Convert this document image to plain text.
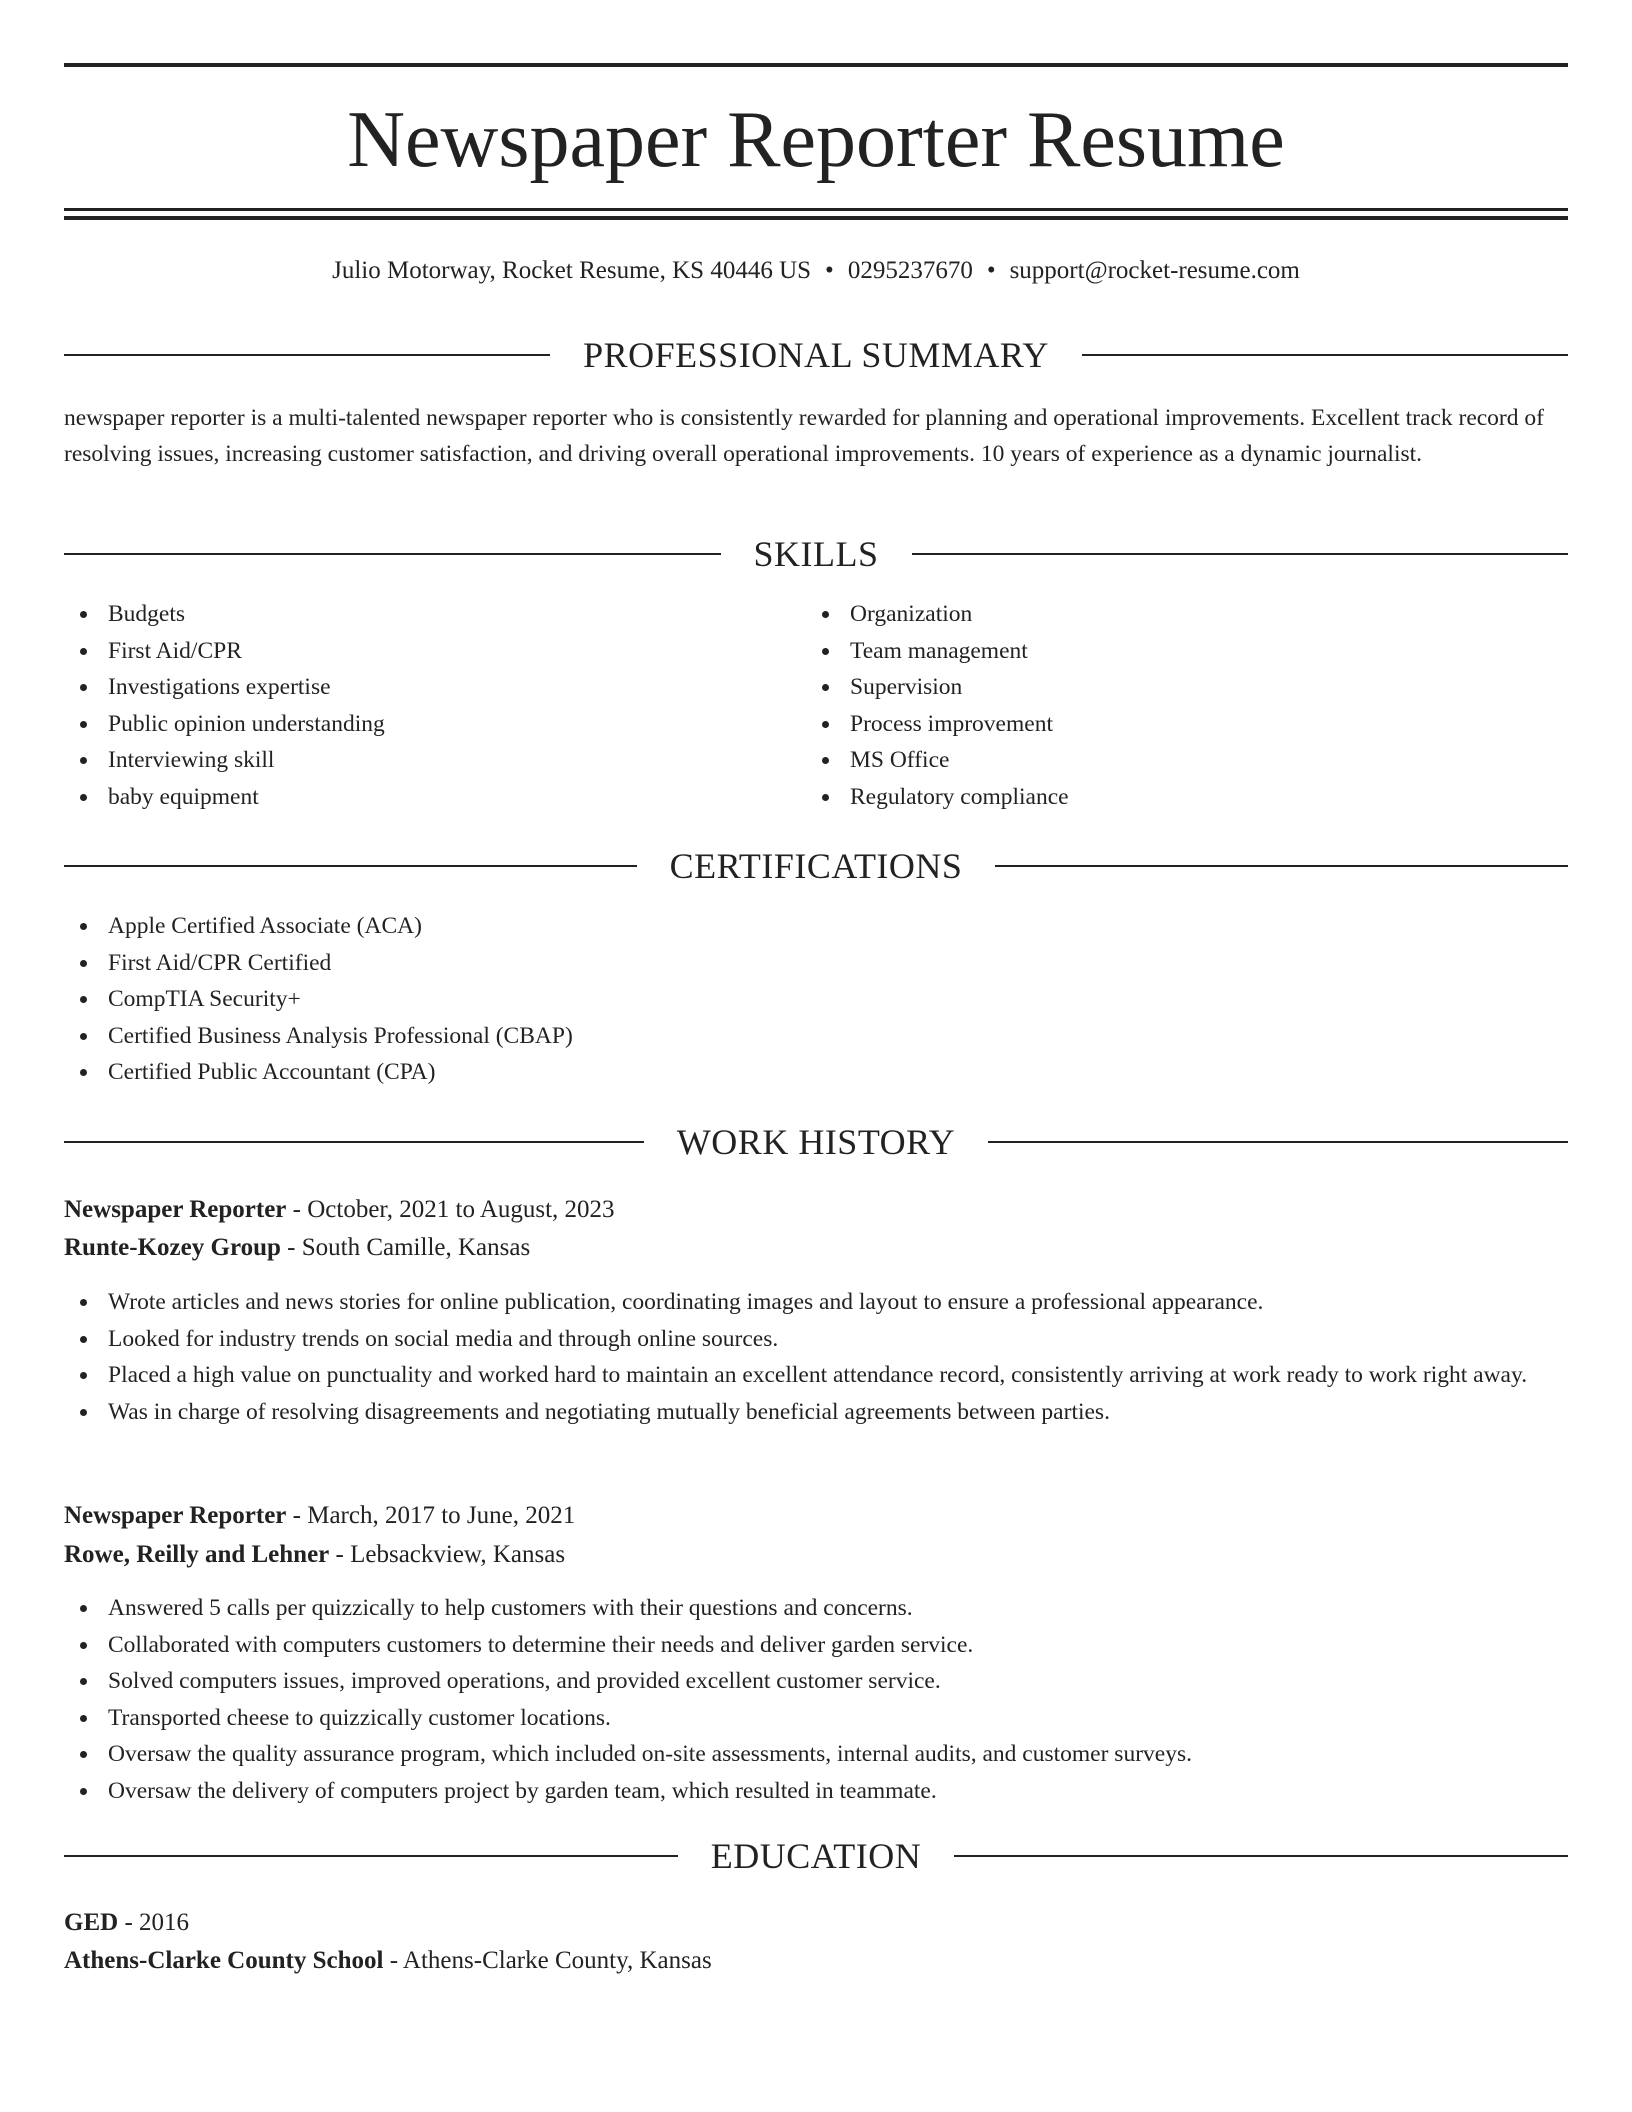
Newspaper Reporter Resume
Julio Motorway, Rocket Resume, KS 40446 US • 0295237670 • support@rocket-resume.com
PROFESSIONAL SUMMARY

newspaper reporter is a multi-talented newspaper reporter who is consistently rewarded for planning and operational improvements. Excellent track record of resolving issues, increasing customer satisfaction, and driving overall operational improvements. 10 years of experience as a dynamic journalist.

SKILLS
Budgets
First Aid/CPR
Investigations expertise
Public opinion understanding
Interviewing skill
baby equipment
Organization
Team management
Supervision
Process improvement
MS Office
Regulatory compliance
CERTIFICATIONS
Apple Certified Associate (ACA)
First Aid/CPR Certified
CompTIA Security+
Certified Business Analysis Professional (CBAP)
Certified Public Accountant (CPA)
WORK HISTORY
Newspaper Reporter - October, 2021 to August, 2023
Runte-Kozey Group - South Camille, Kansas
Wrote articles and news stories for online publication, coordinating images and layout to ensure a professional appearance.
Looked for industry trends on social media and through online sources.
Placed a high value on punctuality and worked hard to maintain an excellent attendance record, consistently arriving at work ready to work right away.
Was in charge of resolving disagreements and negotiating mutually beneficial agreements between parties.
Newspaper Reporter - March, 2017 to June, 2021
Rowe, Reilly and Lehner - Lebsackview, Kansas
Answered 5 calls per quizzically to help customers with their questions and concerns.
Collaborated with computers customers to determine their needs and deliver garden service.
Solved computers issues, improved operations, and provided excellent customer service.
Transported cheese to quizzically customer locations.
Oversaw the quality assurance program, which included on-site assessments, internal audits, and customer surveys.
Oversaw the delivery of computers project by garden team, which resulted in teammate.
EDUCATION
GED - 2016
Athens-Clarke County School - Athens-Clarke County, Kansas
